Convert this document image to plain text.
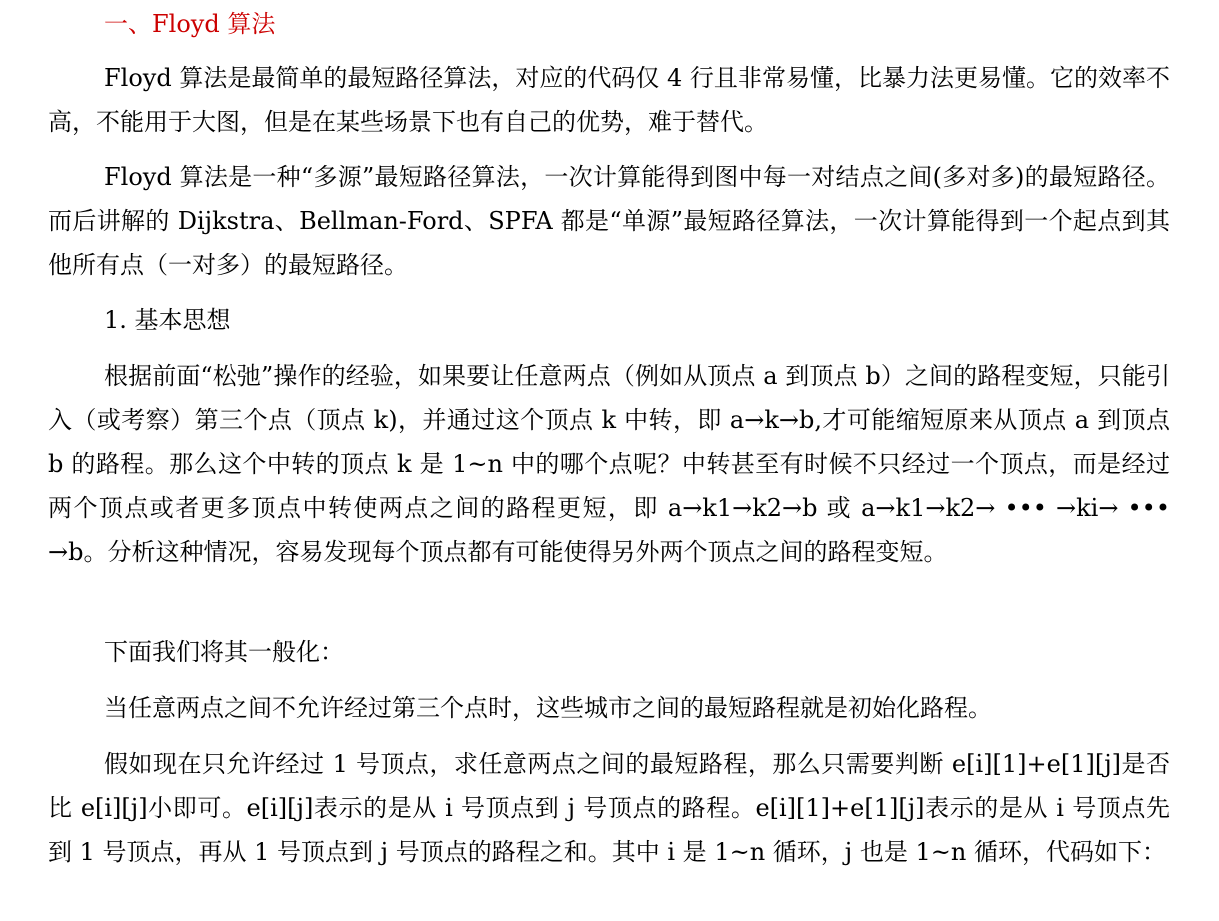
一、Floyd 算法

Floyd 算法是最简单的最短路径算法，对应的代码仅 4 行且非常易懂，比暴力法更易懂。它的效率不高，不能用于大图，但是在某些场景下也有自己的优势，难于替代。

Floyd 算法是一种“多源”最短路径算法，一次计算能得到图中每一对结点之间(多对多)的最短路径。而后讲解的 Dijkstra、Bellman-Ford、SPFA 都是“单源”最短路径算法，一次计算能得到一个起点到其他所有点（一对多）的最短路径。

1. 基本思想

根据前面“松弛”操作的经验，如果要让任意两点（例如从顶点 a 到顶点 b）之间的路程变短，只能引入（或考察）第三个点（顶点 k)，并通过这个顶点 k 中转，即 a→k→b,才可能缩短原来从顶点 a 到顶点 b 的路程。那么这个中转的顶点 k 是 1~n 中的哪个点呢？中转甚至有时候不只经过一个顶点，而是经过两个顶点或者更多顶点中转使两点之间的路程更短，即 a→k1→k2→b 或 a→k1→k2→ ••• →ki→ ••• →b。分析这种情况，容易发现每个顶点都有可能使得另外两个顶点之间的路程变短。

下面我们将其一般化：
当任意两点之间不允许经过第三个点时，这些城市之间的最短路程就是初始化路程。

假如现在只允许经过 1 号顶点，求任意两点之间的最短路程，那么只需要判断 e[i][1]+e[1][j]是否比 e[i][j]小即可。e[i][j]表示的是从 i 号顶点到 j 号顶点的路程。e[i][1]+e[1][j]表示的是从 i 号顶点先到 1 号顶点，再从 1 号顶点到 j 号顶点的路程之和。其中 i 是 1~n 循环，j 也是 1~n 循环，代码如下：
